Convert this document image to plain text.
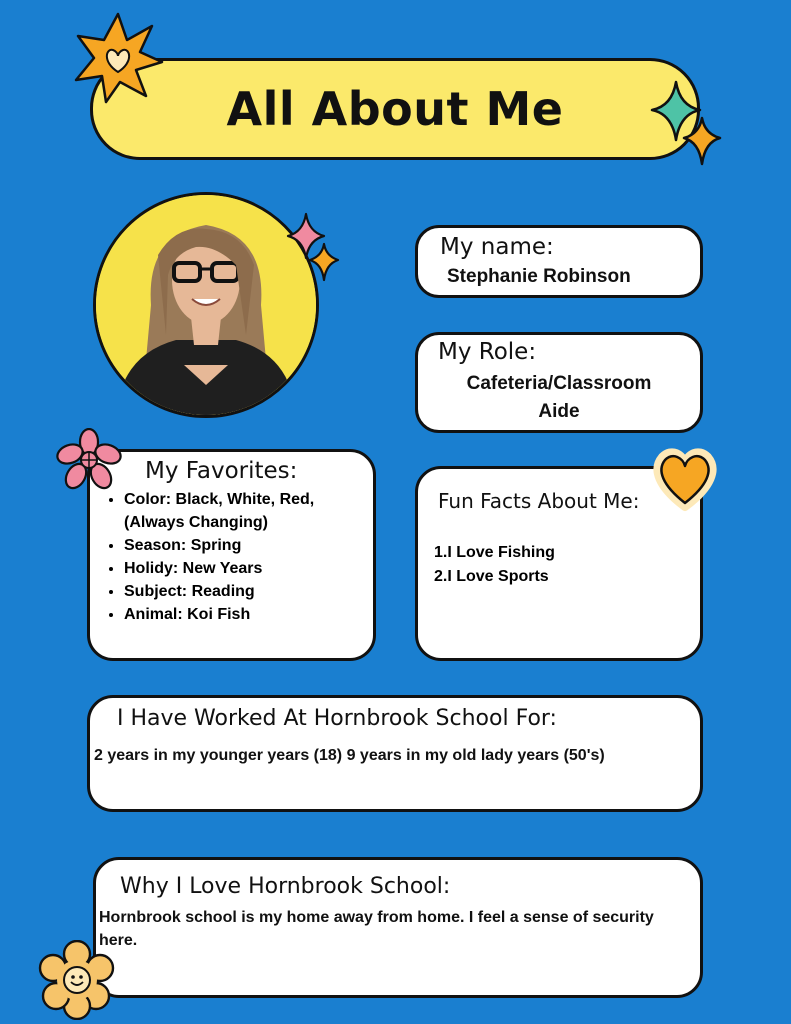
All About Me
My name:
Stephanie Robinson
My Role:
Cafeteria/Classroom
Aide
My Favorites:
• Color: Black, White, Red,
(Always Changing)
• Season: Spring
• Holidy: New Years
• Subject: Reading
• Animal: Koi Fish
Fun Facts About Me:
1.I Love Fishing
2.I Love Sports
I Have Worked At Hornbrook School For:
2 years in my younger years (18) 9 years in my old lady years (50's)
Why I Love Hornbrook School:
Hornbrook school is my home away from home. I feel a sense of security here.
